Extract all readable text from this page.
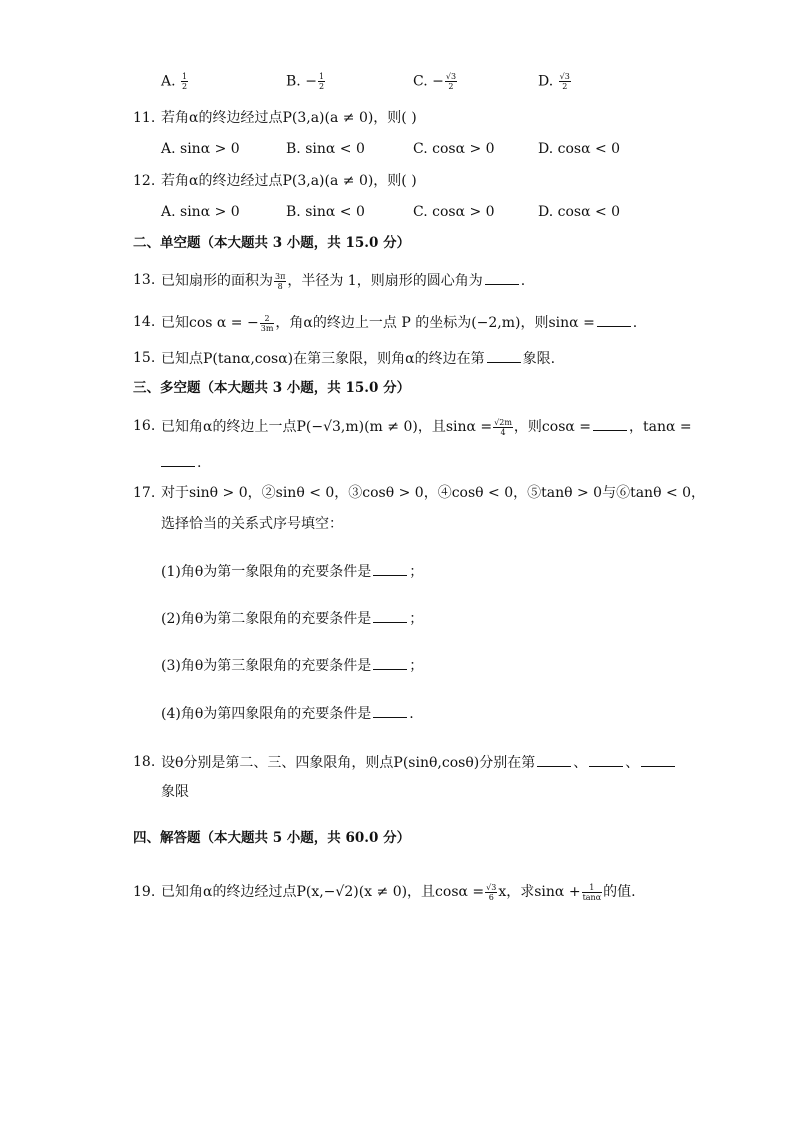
A. $\frac{1}{2}$	B. − $\frac{1}{2}$	C. − $\frac{√3}{2}$	D. $\frac{√3}{2}$
11. 若角α的终边经过点P(3,a)(a ≠ 0)，则( )
A. sinα > 0	B. sinα < 0	C. cosα > 0	D. cosα < 0
12. 若角α的终边经过点P(3,a)(a ≠ 0)，则( )
A. sinα > 0	B. sinα < 0	C. cosα > 0	D. cosα < 0
二、单空题（本大题共 3 小题，共 15.0 分）
13. 已知扇形的面积为 $\frac{3\pi}{8}$ ，半径为 1，则扇形的圆心角为	.
14. 已知cos α = − $\frac{2}{3m}$ ，角α的终边上一点 P 的坐标为(−2,m)，则sinα =	.
15. 已知点P(tanα,cosα)在第三象限，则角α的终边在第	象限.
三、多空题（本大题共 3 小题，共 15.0 分）
16. 已知角α的终边上一点P(−√3,m)(m ≠ 0)，且$\sin\alpha = \frac{√2m}{4}$ ，则cosα =	，tanα =
.
17. 对于sinθ > 0，②sinθ < 0，③cosθ > 0，④cosθ < 0，⑤tanθ > 0与⑥tanθ < 0，
选择恰当的关系式序号填空：
(1)角θ为第一象限角的充要条件是	；
(2)角θ为第二象限角的充要条件是	；
(3)角θ为第三象限角的充要条件是	；
(4)角θ为第四象限角的充要条件是	.
18. 设θ分别是第二、三、四象限角，则点P(sinθ,cosθ)分别在第	、	、
象限
四、解答题（本大题共 5 小题，共 60.0 分）
19. 已知角α的终边经过点P(x,−√2)(x ≠ 0)，且$\cos\alpha = \frac{√3}{6}$ x，求$\sin\alpha + \frac{1}{\tan\alpha}$ 的值.
